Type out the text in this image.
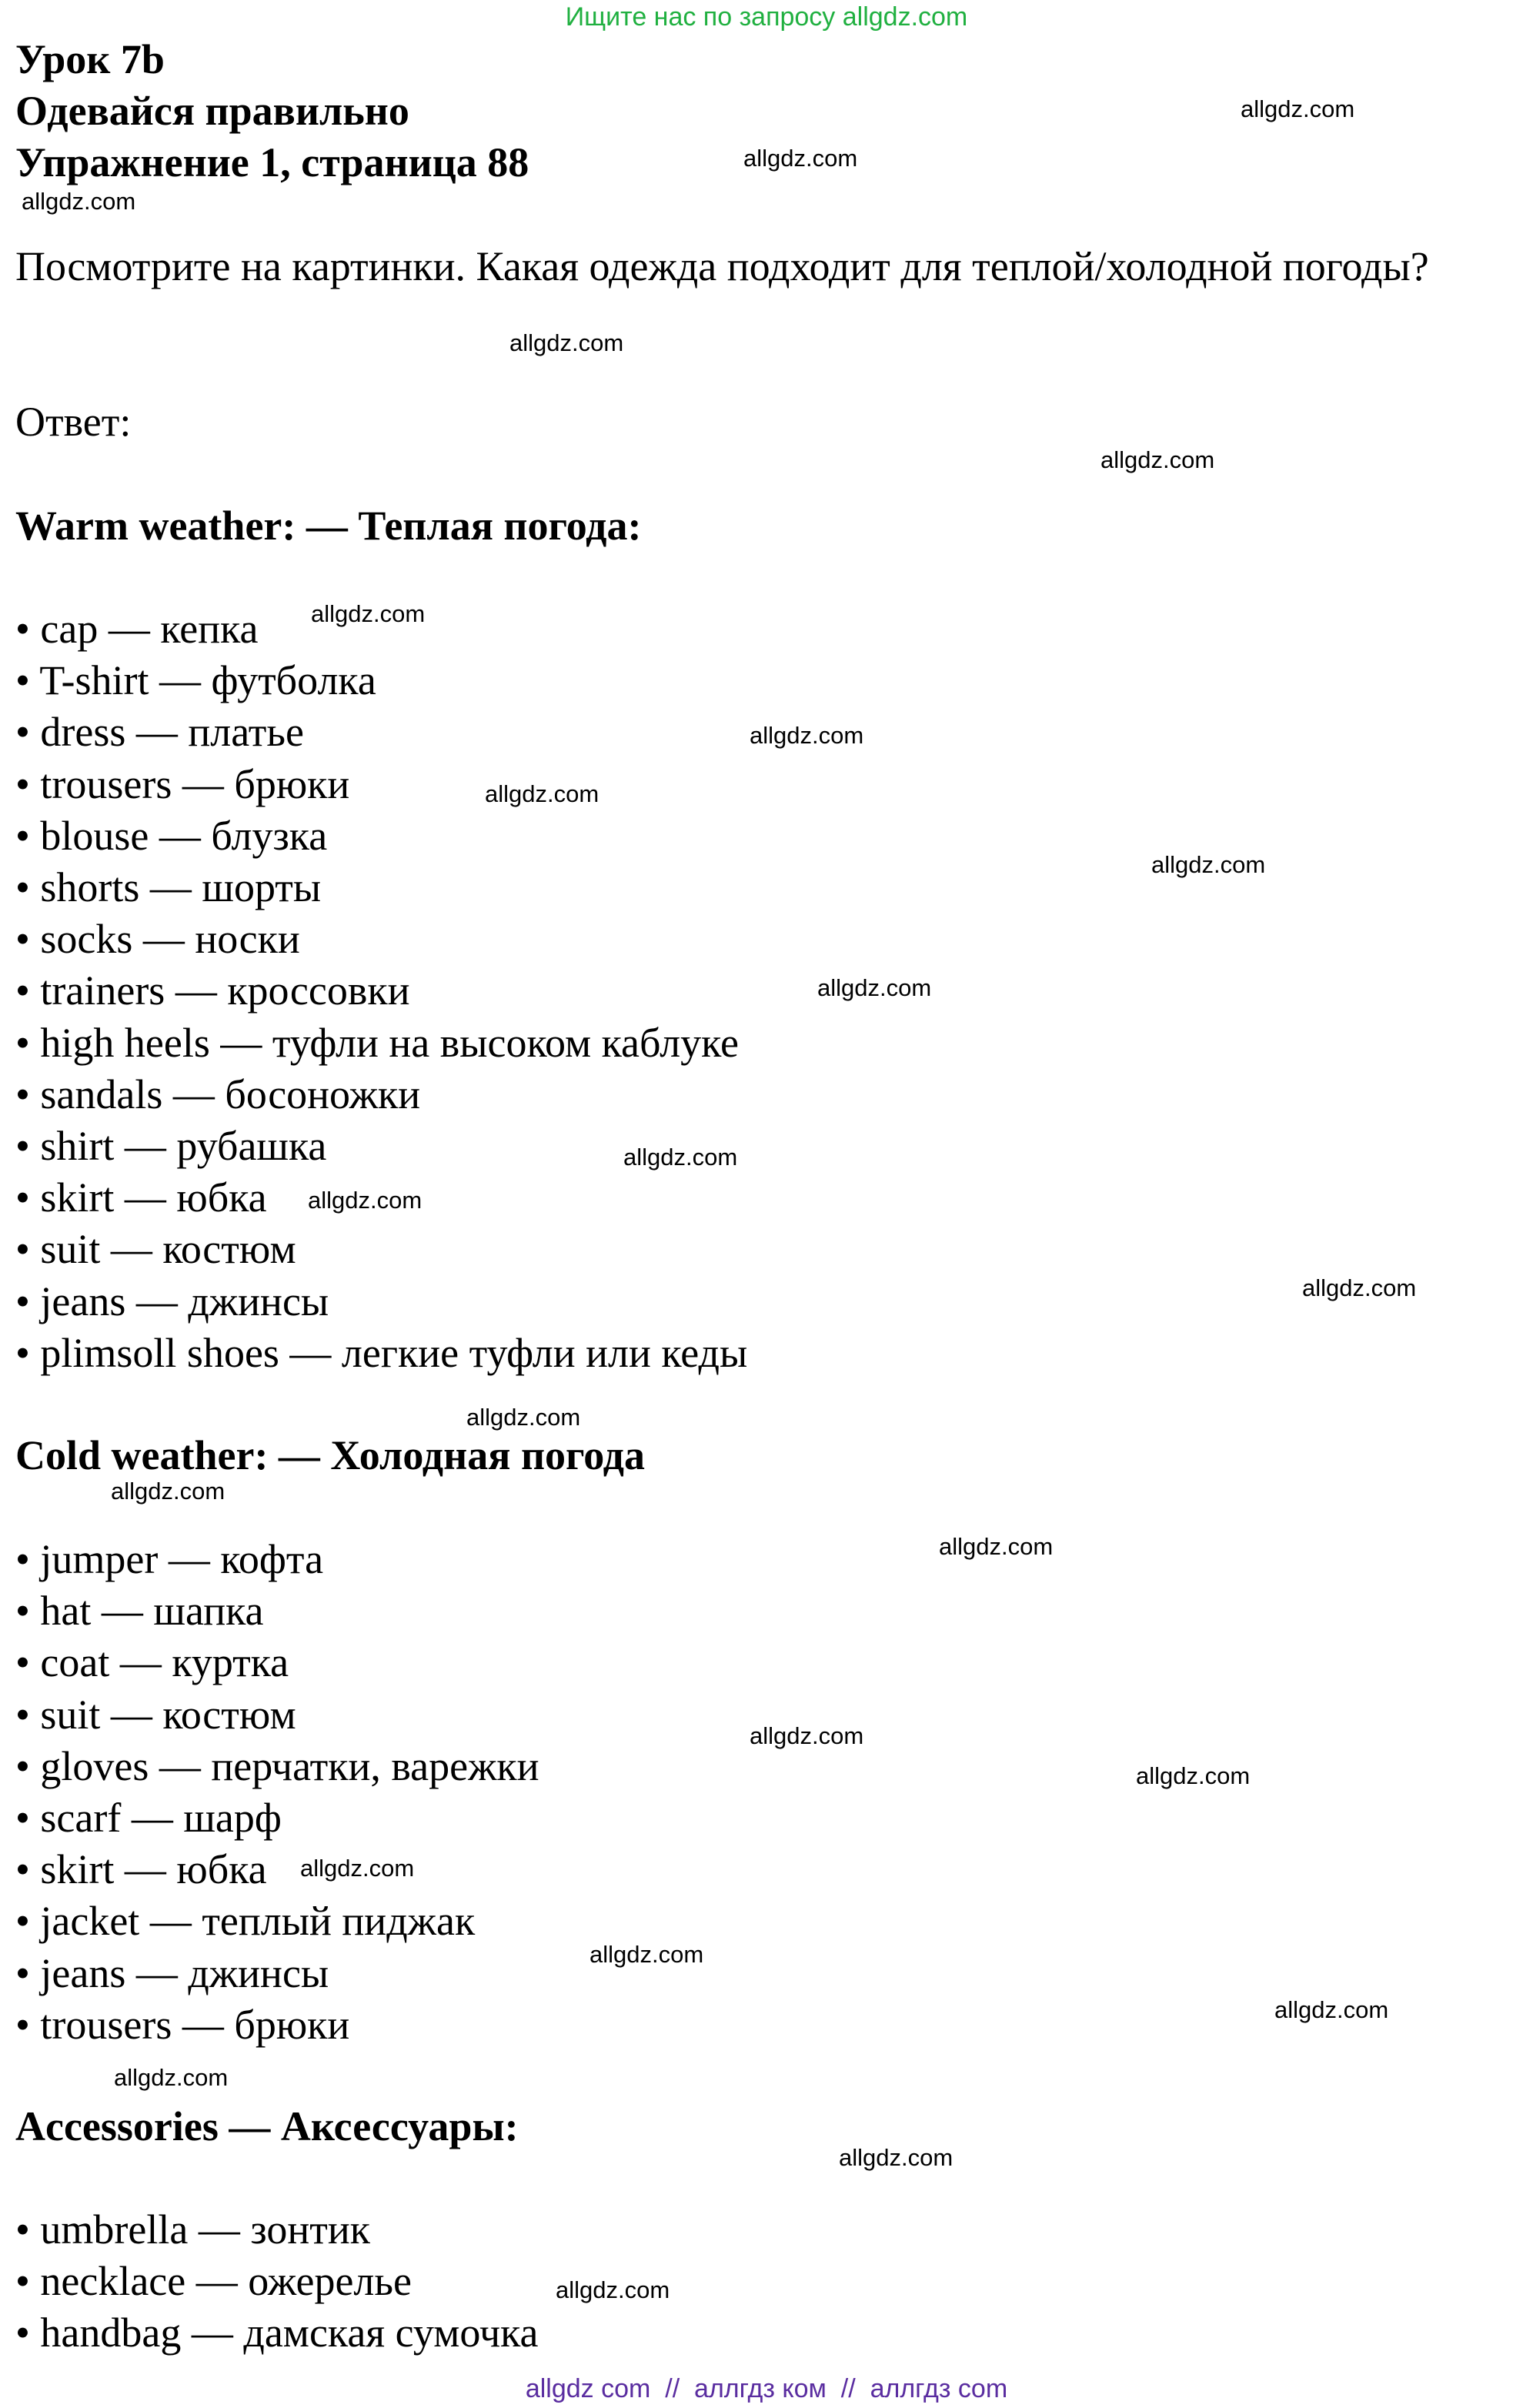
Ищите нас по запросу allgdz.com
Урок 7b
Одевайся правильно
Упражнение 1, страница 88
Посмотрите на картинки. Какая одежда подходит для теплой/холодной погоды?
Ответ:
Warm weather: — Теплая погода:
• cap — кепка
• T-shirt — футболка
• dress — платье
• trousers — брюки
• blouse — блузка
• shorts — шорты
• socks — носки
• trainers — кроссовки
• high heels — туфли на высоком каблуке
• sandals — босоножки
• shirt — рубашка
• skirt — юбка
• suit — костюм
• jeans — джинсы
• plimsoll shoes — легкие туфли или кеды
Cold weather: — Холодная погода
• jumper — кофта
• hat — шапка
• coat — куртка
• suit — костюм
• gloves — перчатки, варежки
• scarf — шарф
• skirt — юбка
• jacket — теплый пиджак
• jeans — джинсы
• trousers — брюки
Accessories — Аксессуары:
• umbrella — зонтик
• necklace — ожерелье
• handbag — дамская сумочка
allgdz.com
allgdz.com
allgdz.com
allgdz.com
allgdz.com
allgdz.com
allgdz.com
allgdz.com
allgdz.com
allgdz.com
allgdz.com
allgdz.com
allgdz.com
allgdz.com
allgdz.com
allgdz.com
allgdz.com
allgdz.com
allgdz.com
allgdz.com
allgdz.com
allgdz.com
allgdz.com
allgdz.com
allgdz com  //  аллгдз ком  //  аллгдз com
